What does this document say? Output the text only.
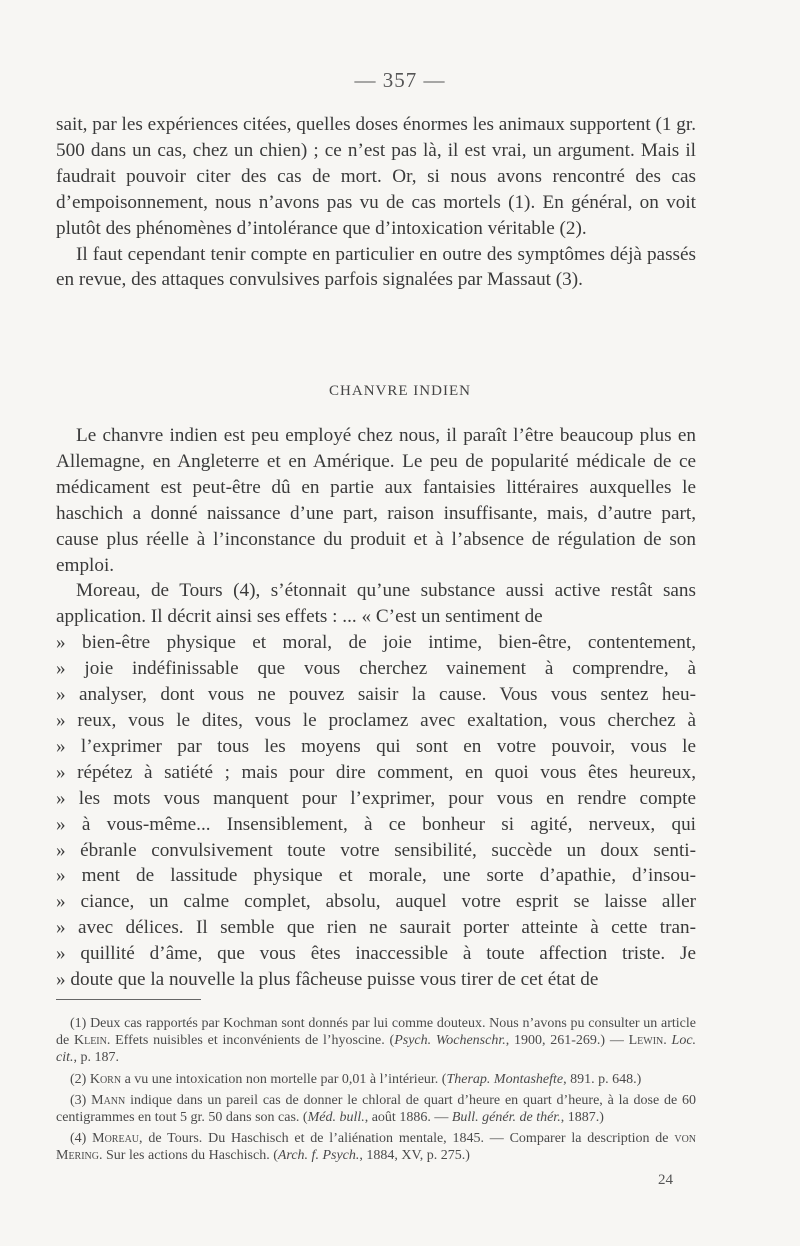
— 357 —

sait, par les expériences citées, quelles doses énormes les animaux supportent (1 gr. 500 dans un cas, chez un chien) ; ce n’est pas là, il est vrai, un argument. Mais il faudrait pouvoir citer des cas de mort. Or, si nous avons rencontré des cas d’empoisonnement, nous n’avons pas vu de cas mortels (1). En général, on voit plutôt des phénomènes d’intolérance que d’intoxication véritable (2).

Il faut cependant tenir compte en particulier en outre des symptômes déjà passés en revue, des attaques convulsives parfois signalées par Massaut (3).

CHANVRE INDIEN

Le chanvre indien est peu employé chez nous, il paraît l’être beaucoup plus en Allemagne, en Angleterre et en Amérique. Le peu de popularité médicale de ce médicament est peut-être dû en partie aux fantaisies littéraires auxquelles le haschich a donné naissance d’une part, raison insuffisante, mais, d’autre part, cause plus réelle à l’inconstance du produit et à l’absence de régulation de son emploi.

Moreau, de Tours (4), s’étonnait qu’une substance aussi active restât sans application. Il décrit ainsi ses effets : ... « C’est un sentiment de

» bien-être physique et moral, de joie intime, bien-être, contentement,
» joie indéfinissable que vous cherchez vainement à comprendre, à
» analyser, dont vous ne pouvez saisir la cause. Vous vous sentez heu-
» reux, vous le dites, vous le proclamez avec exaltation, vous cherchez à
» l’exprimer par tous les moyens qui sont en votre pouvoir, vous le
» répétez à satiété ; mais pour dire comment, en quoi vous êtes heureux,
» les mots vous manquent pour l’exprimer, pour vous en rendre compte
» à vous-même... Insensiblement, à ce bonheur si agité, nerveux, qui
» ébranle convulsivement toute votre sensibilité, succède un doux senti-
» ment de lassitude physique et morale, une sorte d’apathie, d’insou-
» ciance, un calme complet, absolu, auquel votre esprit se laisse aller
» avec délices. Il semble que rien ne saurait porter atteinte à cette tran-
» quillité d’âme, que vous êtes inaccessible à toute affection triste. Je
» doute que la nouvelle la plus fâcheuse puisse vous tirer de cet état de

(1) Deux cas rapportés par Kochman sont donnés par lui comme douteux. Nous n’avons pu consulter un article de Klein. Effets nuisibles et inconvénients de l’hyoscine. (Psych. Wochenschr., 1900, 261-269.) — Lewin. Loc. cit., p. 187.

(2) Korn a vu une intoxication non mortelle par 0,01 à l’intérieur. (Therap. Montashefte, 891. p. 648.)

(3) Mann indique dans un pareil cas de donner le chloral de quart d’heure en quart d’heure, à la dose de 60 centigrammes en tout 5 gr. 50 dans son cas. (Méd. bull., août 1886. — Bull. génér. de thér., 1887.)

(4) Moreau, de Tours. Du Haschisch et de l’aliénation mentale, 1845. — Comparer la description de von Mering. Sur les actions du Haschisch. (Arch. f. Psych., 1884, XV, p. 275.)

24
